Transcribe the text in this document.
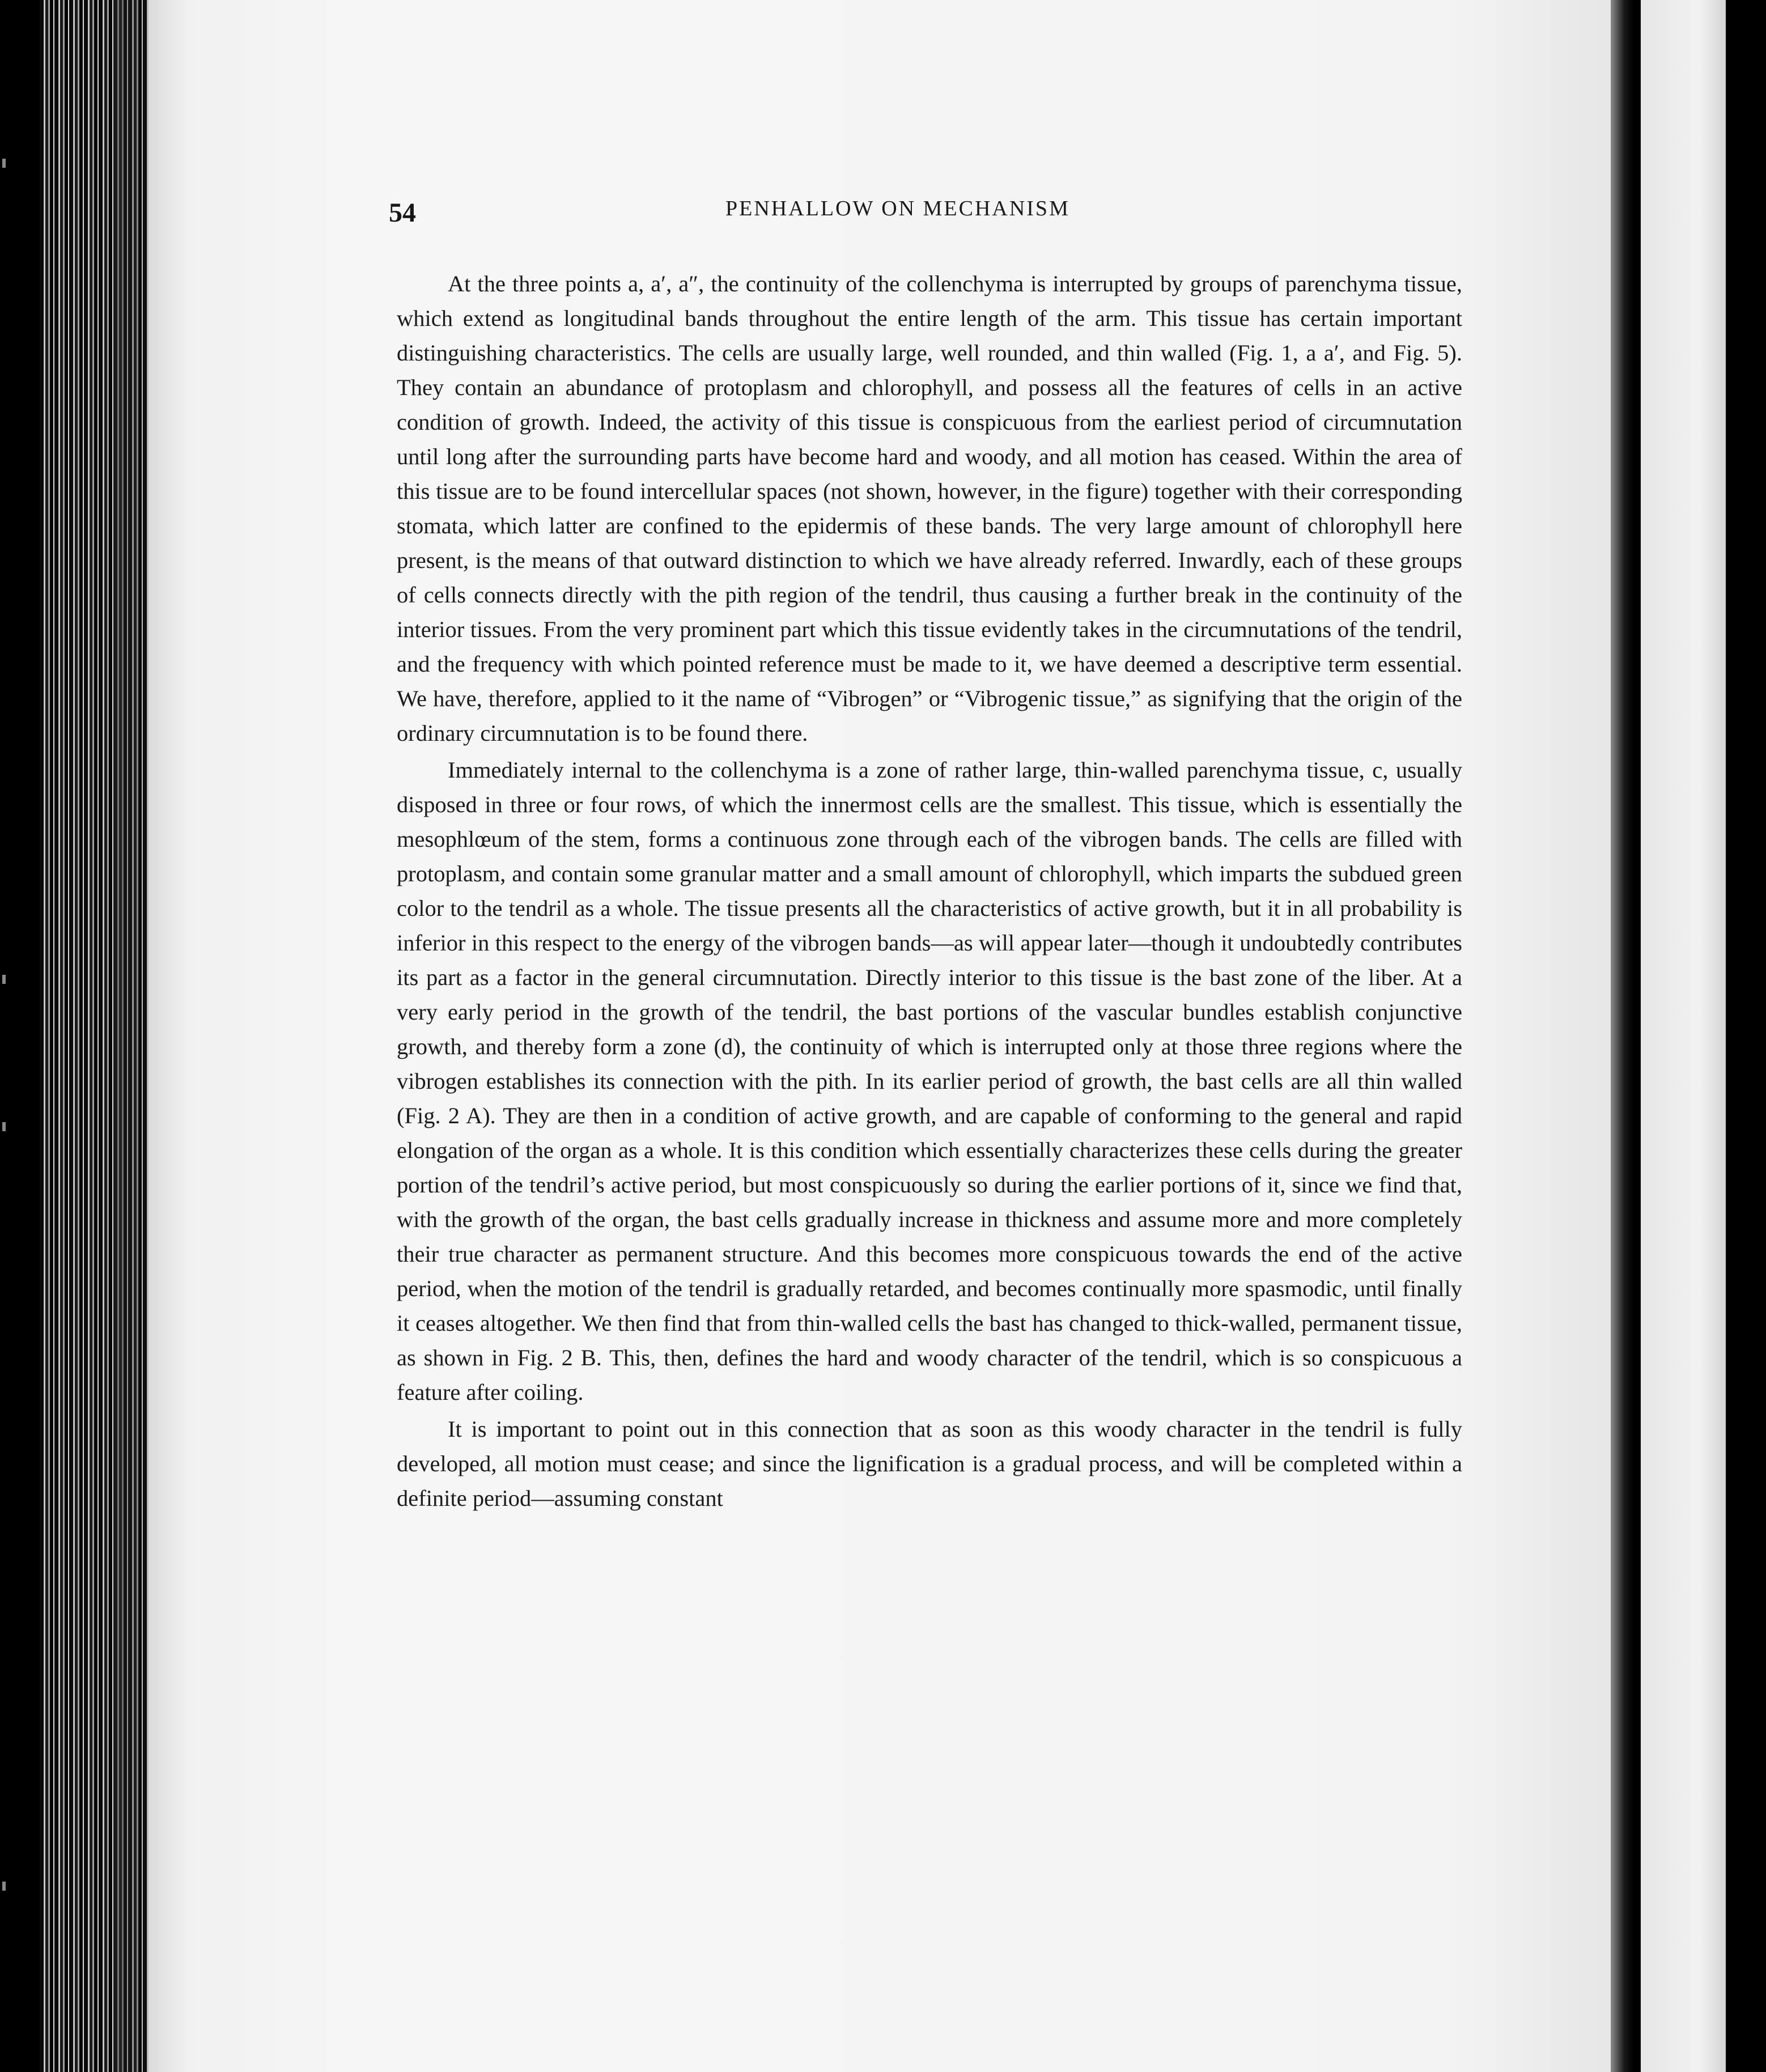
54	PENHALLOW ON MECHANISM

At the three points a, a′, a″, the continuity of the collenchyma is interrupted by groups of parenchyma tissue, which extend as longitudinal bands throughout the entire length of the arm. This tissue has certain important distinguishing characteristics. The cells are usually large, well rounded, and thin walled (Fig. 1, a a′, and Fig. 5). They contain an abundance of protoplasm and chlorophyll, and possess all the features of cells in an active condition of growth. Indeed, the activity of this tissue is conspicuous from the earliest period of circumnutation until long after the surrounding parts have become hard and woody, and all motion has ceased. Within the area of this tissue are to be found intercellular spaces (not shown, however, in the figure) together with their corresponding stomata, which latter are confined to the epidermis of these bands. The very large amount of chlorophyll here present, is the means of that outward distinction to which we have already referred. Inwardly, each of these groups of cells connects directly with the pith region of the tendril, thus causing a further break in the continuity of the interior tissues. From the very prominent part which this tissue evidently takes in the circumnutations of the tendril, and the frequency with which pointed reference must be made to it, we have deemed a descriptive term essential. We have, therefore, applied to it the name of “Vibrogen” or “Vibrogenic tissue,” as signifying that the origin of the ordinary circumnutation is to be found there.

Immediately internal to the collenchyma is a zone of rather large, thin-walled parenchyma tissue, c, usually disposed in three or four rows, of which the innermost cells are the smallest. This tissue, which is essentially the mesophlœum of the stem, forms a continuous zone through each of the vibrogen bands. The cells are filled with protoplasm, and contain some granular matter and a small amount of chlorophyll, which imparts the subdued green color to the tendril as a whole. The tissue presents all the characteristics of active growth, but it in all probability is inferior in this respect to the energy of the vibrogen bands—as will appear later—though it undoubtedly contributes its part as a factor in the general circumnutation. Directly interior to this tissue is the bast zone of the liber. At a very early period in the growth of the tendril, the bast portions of the vascular bundles establish conjunctive growth, and thereby form a zone (d), the continuity of which is interrupted only at those three regions where the vibrogen establishes its connection with the pith. In its earlier period of growth, the bast cells are all thin walled (Fig. 2 A). They are then in a condition of active growth, and are capable of conforming to the general and rapid elongation of the organ as a whole. It is this condition which essentially characterizes these cells during the greater portion of the tendril’s active period, but most conspicuously so during the earlier portions of it, since we find that, with the growth of the organ, the bast cells gradually increase in thickness and assume more and more completely their true character as permanent structure. And this becomes more conspicuous towards the end of the active period, when the motion of the tendril is gradually retarded, and becomes continually more spasmodic, until finally it ceases altogether. We then find that from thin-walled cells the bast has changed to thick-walled, permanent tissue, as shown in Fig. 2 B. This, then, defines the hard and woody character of the tendril, which is so conspicuous a feature after coiling.

It is important to point out in this connection that as soon as this woody character in the tendril is fully developed, all motion must cease; and since the lignification is a gradual process, and will be completed within a definite period—assuming constant
